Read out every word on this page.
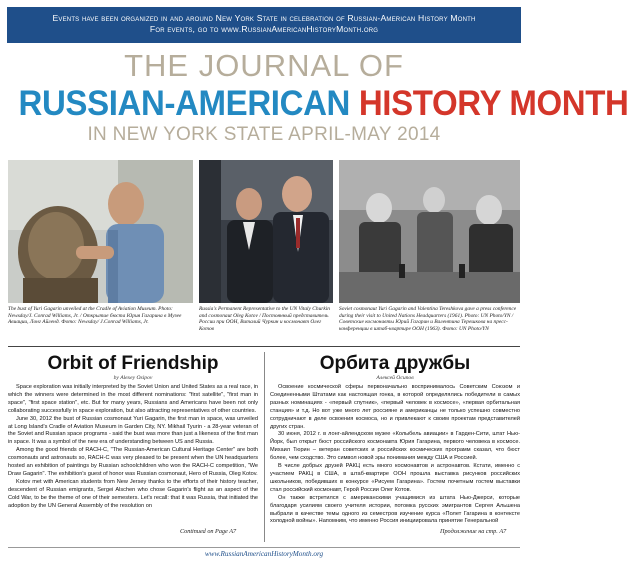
Events have been organized in and around New York State in celebration of Russian-American History Month
For events, go to www.RussianAmericanHistoryMonth.org
THE JOURNAL OF
RUSSIAN-AMERICAN HISTORY MONTH
IN NEW YORK STATE APRIL-MAY 2014
The bust of Yuri Gagarin unveiled at the Cradle of Aviation Museum. Photo: Newsday/J. Conrad Williams, Jr. / Открытие бюста Юрия Гагарина в Музее Авиации, Лонг Айленд. Фото: Newsday/ J.Conrad Williams, Jr.
Russia's Permanent Representative to the UN Vitaly Churkin and cosmonaut Oleg Kotov / Постоянный представитель России при ООН, Виталий Чуркин и космонавт Олег Котов
Soviet cosmonaut Yuri Gagarin and Valentina Tereshkova gave a press conference during their visit to United Nations Headquarters (1961). Photo: UN Photo/YN / Советские космонавты Юрий Гагарин и Валентина Терешкова на пресс-конференции в штаб-квартире ООН (1963). Фото: UN Photo/YN
Orbit of Friendship
by Alexey Osipov

Space exploration was initially interpreted by the Soviet Union and United States as a real race, in which the winners were determined in the most different nominations: "first satellite", "first man in space", "first space station", etc. But for many years, Russians and Americans have been not only collaborating successfully in space exploration, but also attracting representatives of other countries.

June 30, 2012 the bust of Russian cosmonaut Yuri Gagarin, the first man in space, was unveiled at Long Island's Cradle of Aviation Museum in Garden City, NY. Mikhail Tyurin - a 28-year veteran of the Soviet and Russian space programs - said the bust was more than just a likeness of the first man in space. It was a symbol of the new era of understanding between US and Russia.

Among the good friends of RACH-C, "The Russian-American Cultural Heritage Center" are both cosmonauts and astronauts so, RACH-C was very pleased to be present when the UN headquarters hosted an exhibition of paintings by Russian schoolchildren who won the RACH-C competition, "We Draw Gagarin". The exhibition's guest of honor was Russian cosmonaut, Hero of Russia, Oleg Kotov.

Kotov met with American students from New Jersey thanks to the efforts of their history teacher, descendent of Russian emigrants, Sergei Alschen who chose Gagarin's flight as an aspect of the Cold War, to be the theme of one of their semesters. Let's recall: that it was Russia, that initiated the adoption by the UN General Assembly of the resolution on

Continued on Page A7
Орбита дружбы
Алексей Осипов

Освоение космической сферы первоначально воспринималось Советским Союзом и Соединенными Штатами как настоящая гонка, в которой определялись победители в самых разных номинациях - «первый спутник», «первый человек в космосе», «первая орбитальная станция» и т.д. Но вот уже много лет россияне и американцы не только успешно совместно сотрудничают в деле освоения космоса, но и привлекают к своим проектам представителей других стран.

30 июня, 2012 г. в лонг-айлендском музее «Колыбель авиации» в Гарден-Сити, штат Нью-Йорк, был открыт бюст российского космонавта Юрия Гагарина, первого человека в космосе. Михаил Тюрин – ветеран советских и российских космических программ сказал, что бюст более, чем сходство. Это символ новой эры понимания между США и Россией.

В числе добрых друзей РАКЦ есть много космонавтов и астронавтов. Кстати, именно с участием РАКЦ в США, в штаб-квартире ООН прошла выставка рисунков российских школьников, победивших в конкурсе «Рисуем Гагарина». Гостем почетным гостем выставки стал российский космонавт, Герой России Олег Котов.

Он также встретился с американскими учащимися из штата Нью-Джерси, которые благодаря усилиям своего учителя истории, потомка русских эмигрантов Сергея Альшена выбрали в качестве темы одного из семестров изучение курса «Полет Гагарина в контексте холодной войны». Напомним, что именно Россия инициировала принятие Генеральной

Продолжение на стр. А7
www.RussianAmericanHistoryMonth.org
